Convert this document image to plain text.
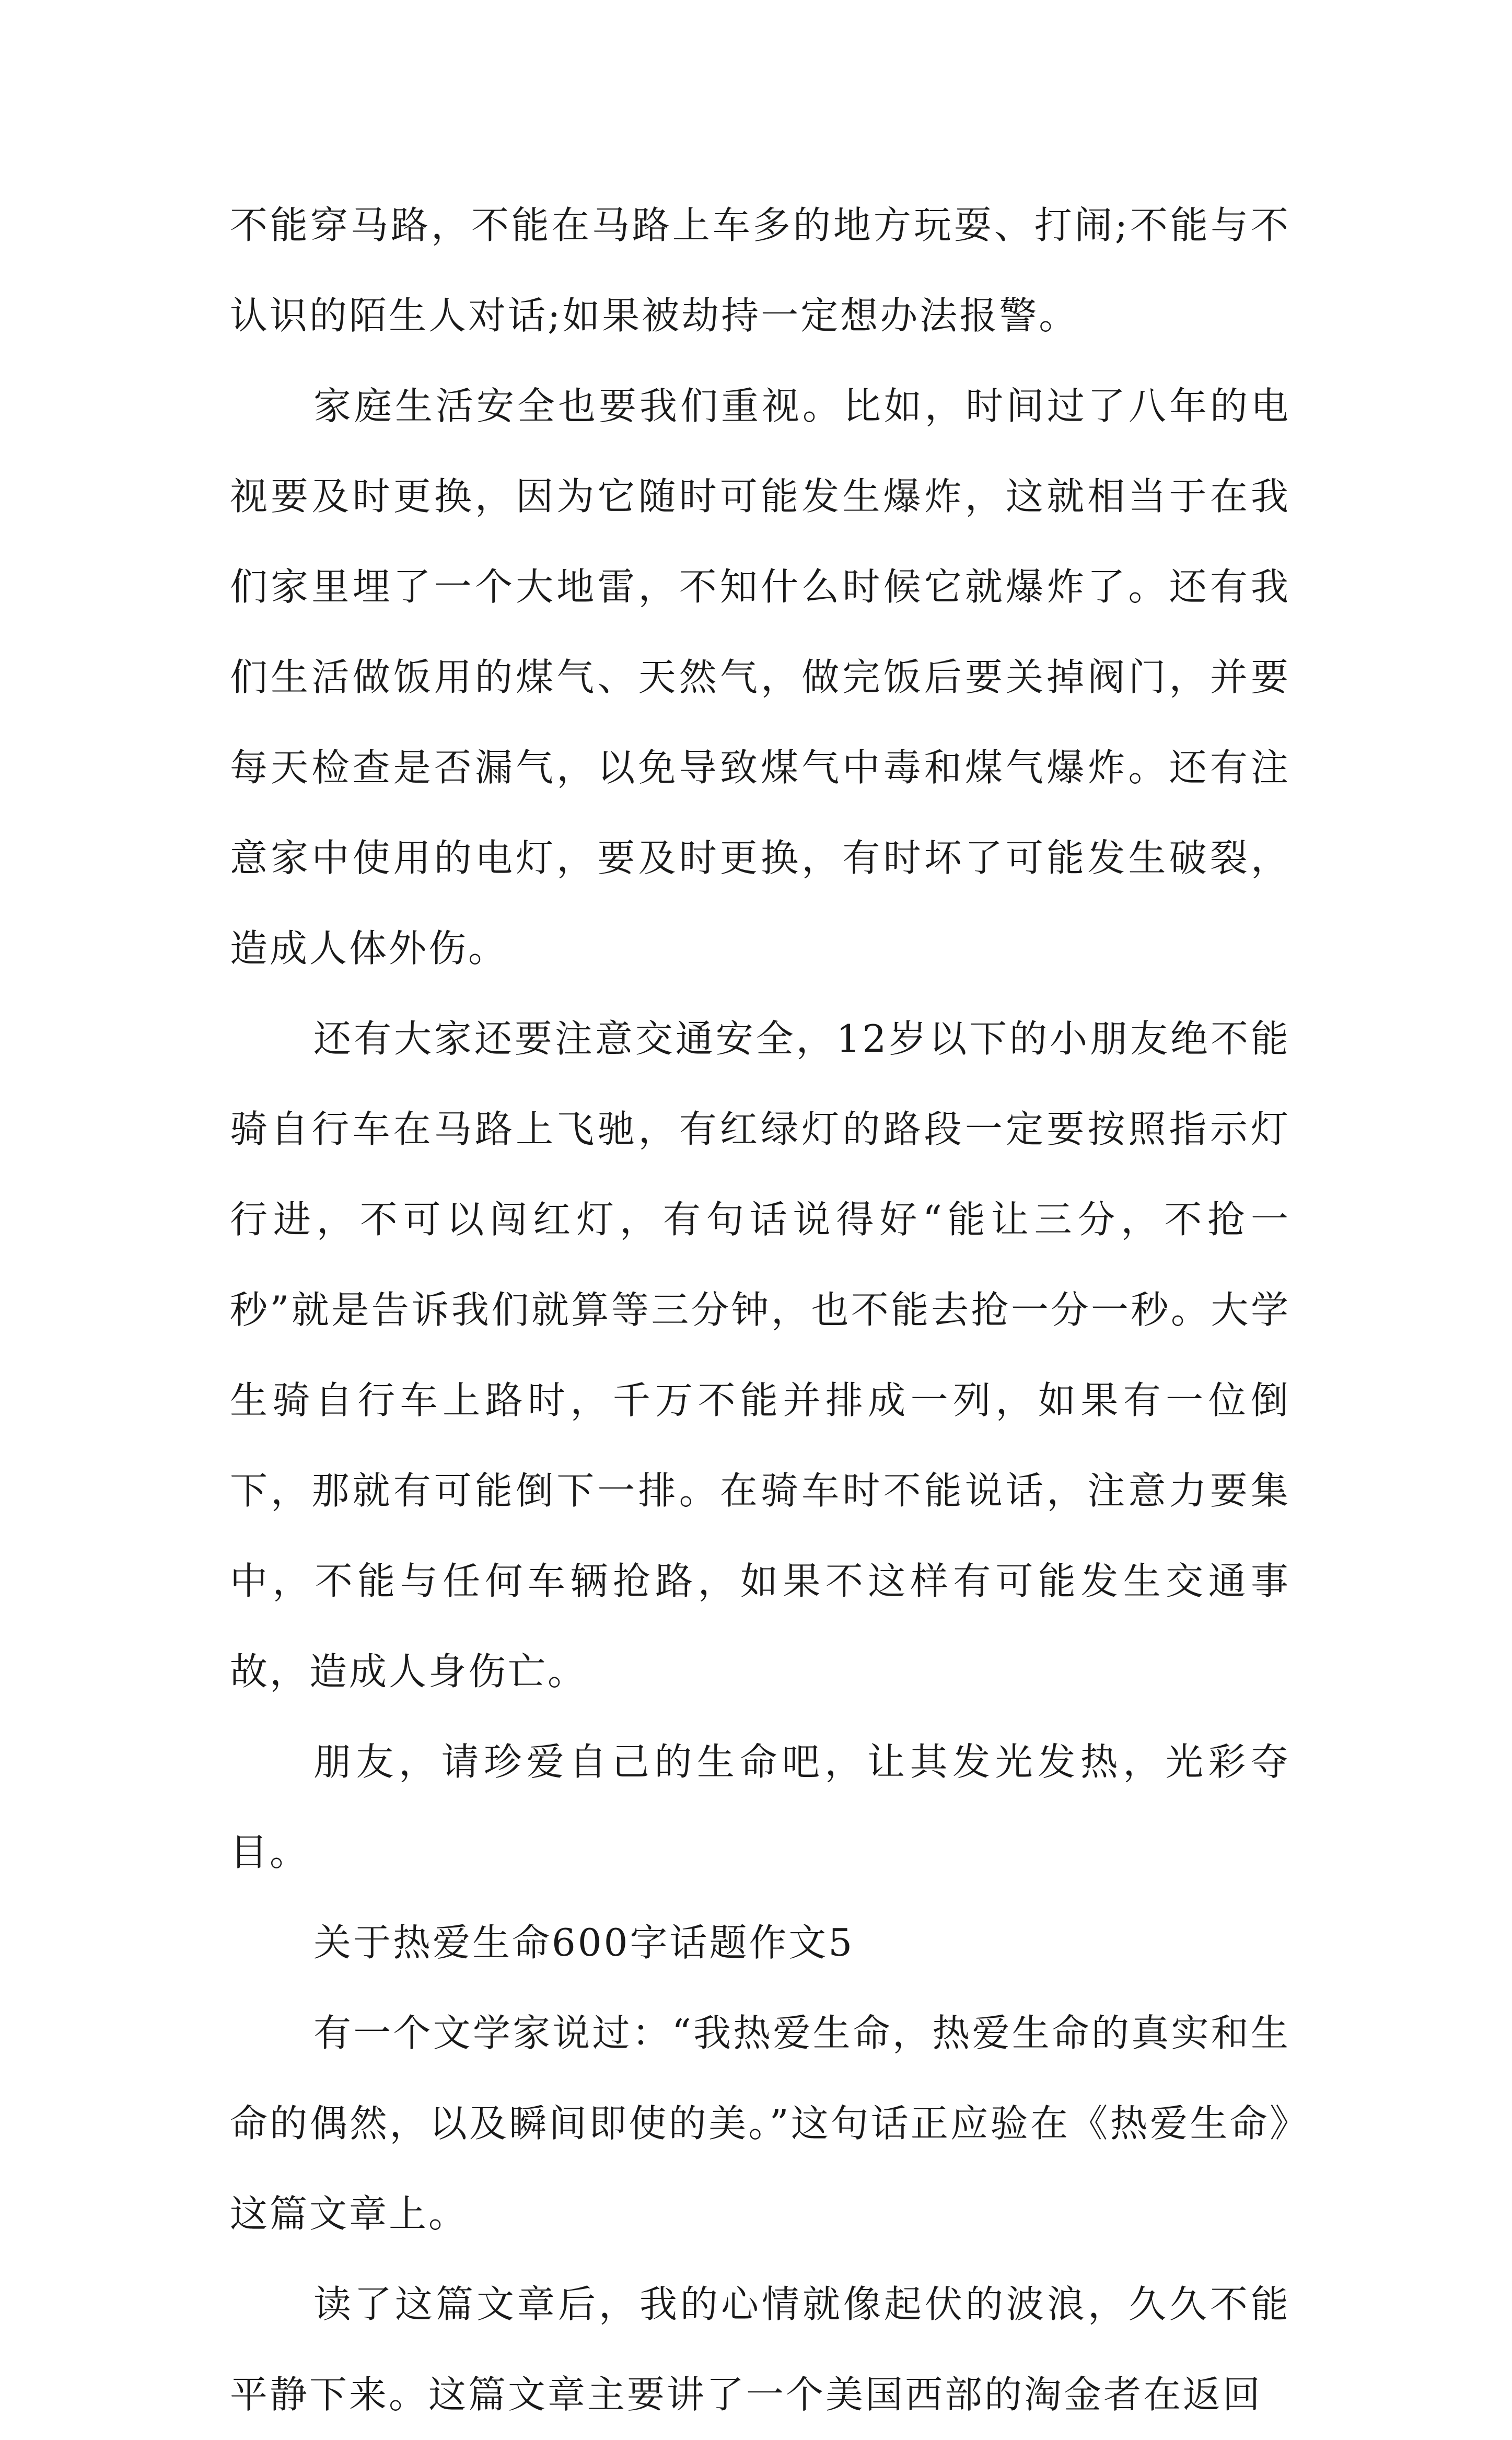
不能穿马路，不能在马路上车多的地方玩耍、打闹;不能与不认识的陌生人对话;如果被劫持一定想办法报警。

家庭生活安全也要我们重视。比如，时间过了八年的电视要及时更换，因为它随时可能发生爆炸，这就相当于在我们家里埋了一个大地雷，不知什么时候它就爆炸了。还有我们生活做饭用的煤气、天然气，做完饭后要关掉阀门，并要每天检查是否漏气，以免导致煤气中毒和煤气爆炸。还有注意家中使用的电灯，要及时更换，有时坏了可能发生破裂，造成人体外伤。

还有大家还要注意交通安全，12岁以下的小朋友绝不能骑自行车在马路上飞驰，有红绿灯的路段一定要按照指示灯行进，不可以闯红灯，有句话说得好“能让三分，不抢一秒”就是告诉我们就算等三分钟，也不能去抢一分一秒。大学生骑自行车上路时，千万不能并排成一列，如果有一位倒下，那就有可能倒下一排。在骑车时不能说话，注意力要集中，不能与任何车辆抢路，如果不这样有可能发生交通事故，造成人身伤亡。

朋友，请珍爱自己的生命吧，让其发光发热，光彩夺目。

关于热爱生命600字话题作文5

有一个文学家说过：“我热爱生命，热爱生命的真实和生命的偶然，以及瞬间即使的美。”这句话正应验在《热爱生命》这篇文章上。

读了这篇文章后，我的心情就像起伏的波浪，久久不能平静下来。这篇文章主要讲了一个美国西部的淘金者在返回
